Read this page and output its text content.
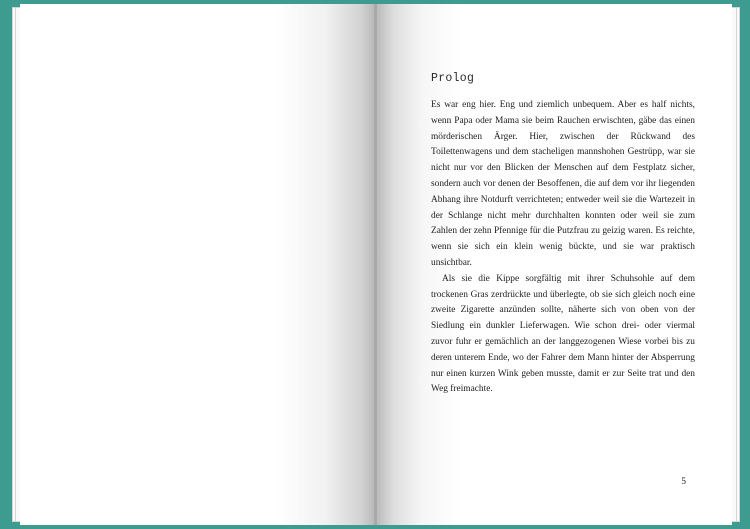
Prolog

Es war eng hier. Eng und ziemlich unbequem. Aber es half nichts, wenn Papa oder Mama sie beim Rauchen erwischten, gäbe das einen mörderischen Ärger. Hier, zwischen der Rückwand des Toilettenwagens und dem stacheligen mannshohen Gestrüpp, war sie nicht nur vor den Blicken der Menschen auf dem Festplatz sicher, sondern auch vor denen der Besoffenen, die auf dem vor ihr liegenden Abhang ihre Notdurft verrichteten; entweder weil sie die Wartezeit in der Schlange nicht mehr durchhalten konnten oder weil sie zum Zahlen der zehn Pfennige für die Putzfrau zu geizig waren. Es reichte, wenn sie sich ein klein wenig bückte, und sie war praktisch unsichtbar.

Als sie die Kippe sorgfältig mit ihrer Schuhsohle auf dem trockenen Gras zerdrückte und überlegte, ob sie sich gleich noch eine zweite Zigarette anzünden sollte, näherte sich von oben von der Siedlung ein dunkler Lieferwagen. Wie schon drei- oder viermal zuvor fuhr er gemächlich an der langgezogenen Wiese vorbei bis zu deren unterem Ende, wo der Fahrer dem Mann hinter der Absperrung nur einen kurzen Wink geben musste, damit er zur Seite trat und den Weg freimachte.

5
